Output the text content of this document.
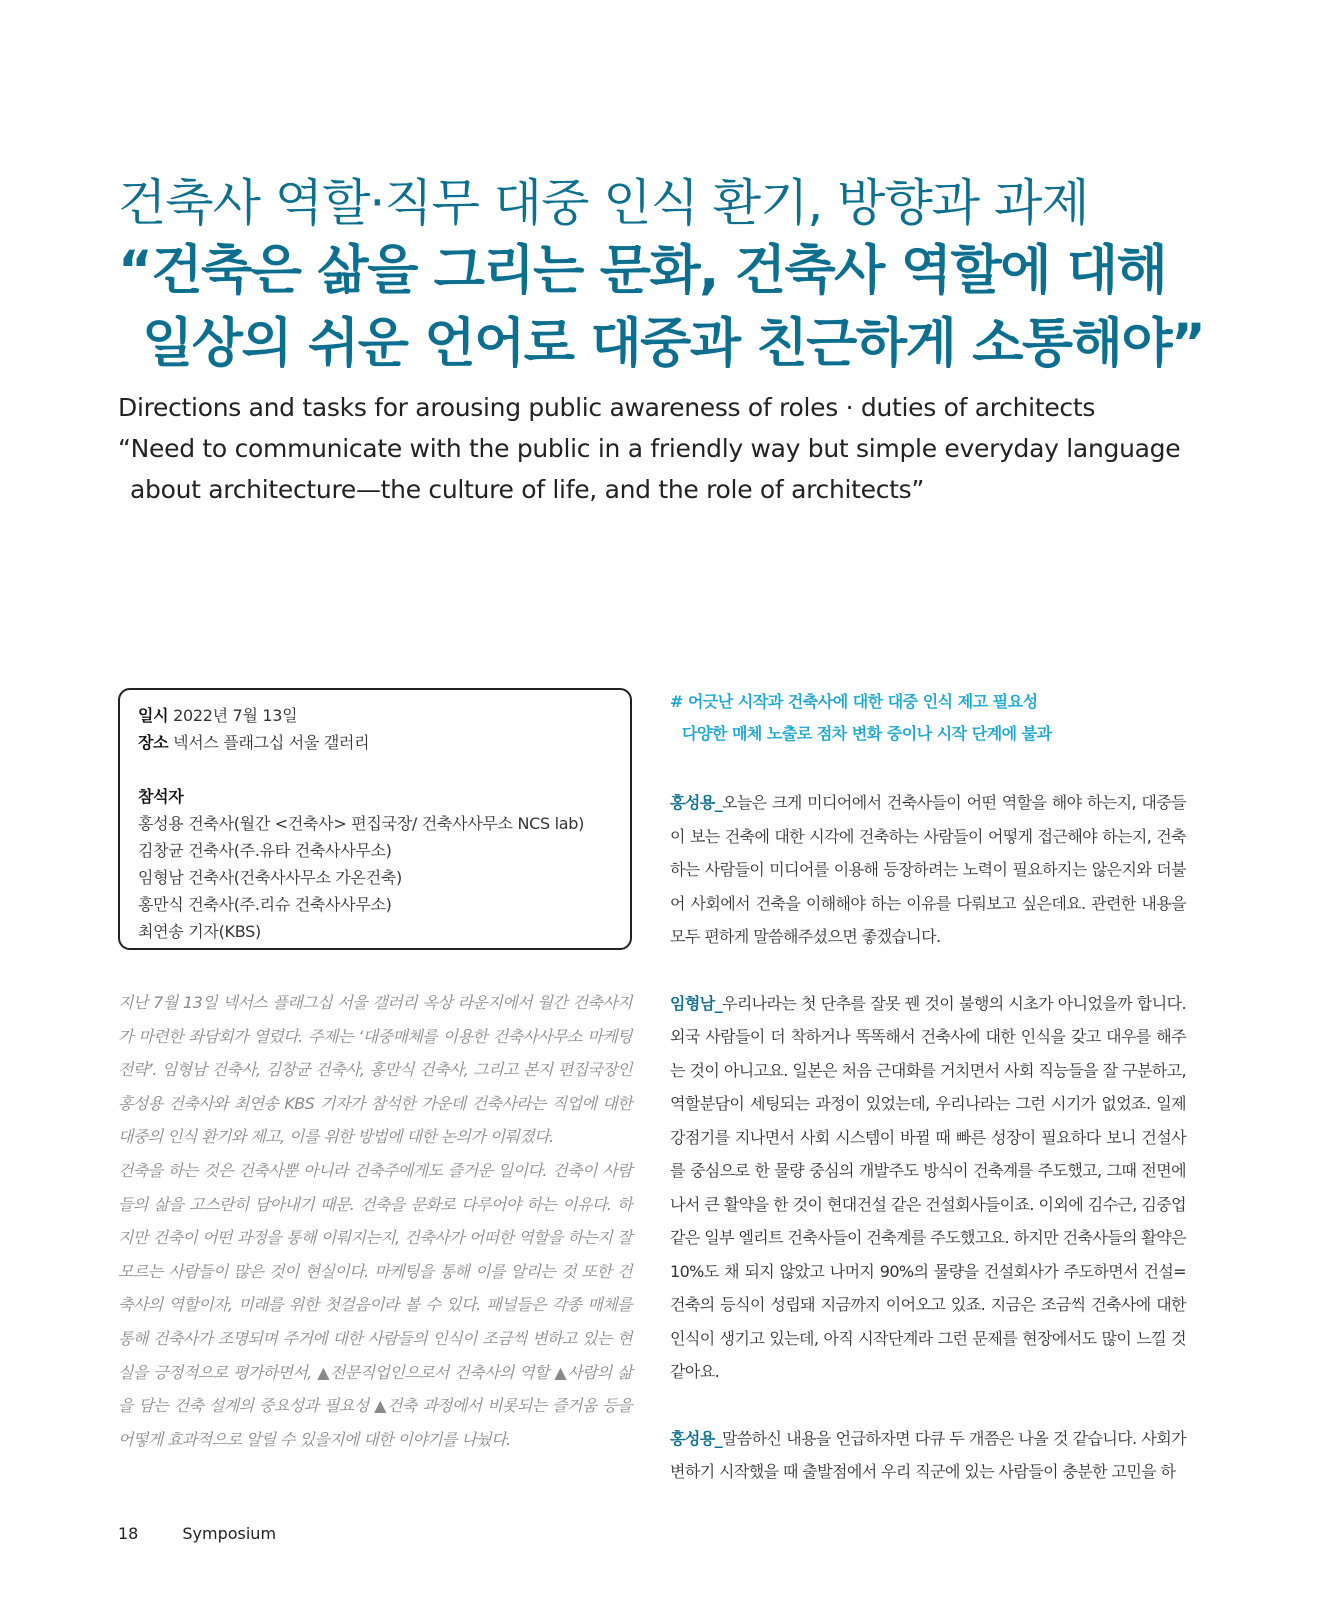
건축사 역할·직무 대중 인식 환기, 방향과 과제
“건축은 삶을 그리는 문화, 건축사 역할에 대해
일상의 쉬운 언어로 대중과 친근하게 소통해야”
Directions and tasks for arousing public awareness of roles · duties of architects
“Need to communicate with the public in a friendly way but simple everyday language
about architecture—the culture of life, and the role of architects”
일시 2022년 7월 13일
장소 넥서스 플래그십 서울 갤러리
참석자
홍성용 건축사(월간 <건축사> 편집국장/ 건축사사무소 NCS lab)
김창균 건축사(주.유타 건축사사무소)
임형남 건축사(건축사사무소 가온건축)
홍만식 건축사(주.리슈 건축사사무소)
최연송 기자(KBS)

지난 7월 13일 넥서스 플래그십 서울 갤러리 옥상 라운지에서 월간 건축사지가 마련한 좌담회가 열렸다. 주제는 ‘대중매체를 이용한 건축사사무소 마케팅 전략’. 임형남 건축사, 김창균 건축사, 홍만식 건축사, 그리고 본지 편집국장인 홍성용 건축사와 최연송 KBS 기자가 참석한 가운데 건축사라는 직업에 대한 대중의 인식 환기와 제고, 이를 위한 방법에 대한 논의가 이뤄졌다.

건축을 하는 것은 건축사뿐 아니라 건축주에게도 즐거운 일이다. 건축이 사람들의 삶을 고스란히 담아내기 때문. 건축을 문화로 다루어야 하는 이유다. 하지만 건축이 어떤 과정을 통해 이뤄지는지, 건축사가 어떠한 역할을 하는지 잘 모르는 사람들이 많은 것이 현실이다. 마케팅을 통해 이를 알리는 것 또한 건축사의 역할이자, 미래를 위한 첫걸음이라 볼 수 있다. 패널들은 각종 매체를 통해 건축사가 조명되며 주거에 대한 사람들의 인식이 조금씩 변하고 있는 현실을 긍정적으로 평가하면서, ▲전문직업인으로서 건축사의 역할 ▲사람의 삶을 담는 건축 설계의 중요성과 필요성 ▲건축 과정에서 비롯되는 즐거움 등을 어떻게 효과적으로 알릴 수 있을지에 대한 이야기를 나눴다.

# 어긋난 시작과 건축사에 대한 대중 인식 제고 필요성
다양한 매체 노출로 점차 변화 중이나 시작 단계에 불과

홍성용_오늘은 크게 미디어에서 건축사들이 어떤 역할을 해야 하는지, 대중들이 보는 건축에 대한 시각에 건축하는 사람들이 어떻게 접근해야 하는지, 건축하는 사람들이 미디어를 이용해 등장하려는 노력이 필요하지는 않은지와 더불어 사회에서 건축을 이해해야 하는 이유를 다뤄보고 싶은데요. 관련한 내용을 모두 편하게 말씀해주셨으면 좋겠습니다.

임형남_우리나라는 첫 단추를 잘못 꿴 것이 불행의 시초가 아니었을까 합니다. 외국 사람들이 더 착하거나 똑똑해서 건축사에 대한 인식을 갖고 대우를 해주는 것이 아니고요. 일본은 처음 근대화를 거치면서 사회 직능들을 잘 구분하고, 역할분담이 세팅되는 과정이 있었는데, 우리나라는 그런 시기가 없었죠. 일제 강점기를 지나면서 사회 시스템이 바뀔 때 빠른 성장이 필요하다 보니 건설사를 중심으로 한 물량 중심의 개발주도 방식이 건축계를 주도했고, 그때 전면에 나서 큰 활약을 한 것이 현대건설 같은 건설회사들이죠. 이외에 김수근, 김중업 같은 일부 엘리트 건축사들이 건축계를 주도했고요. 하지만 건축사들의 활약은 10%도 채 되지 않았고 나머지 90%의 물량을 건설회사가 주도하면서 건설=건축의 등식이 성립돼 지금까지 이어오고 있죠. 지금은 조금씩 건축사에 대한 인식이 생기고 있는데, 아직 시작단계라 그런 문제를 현장에서도 많이 느낄 것 같아요.

홍성용_말씀하신 내용을 언급하자면 다큐 두 개쯤은 나올 것 같습니다. 사회가 변하기 시작했을 때 출발점에서 우리 직군에 있는 사람들이 충분한 고민을 하

18	Symposium
